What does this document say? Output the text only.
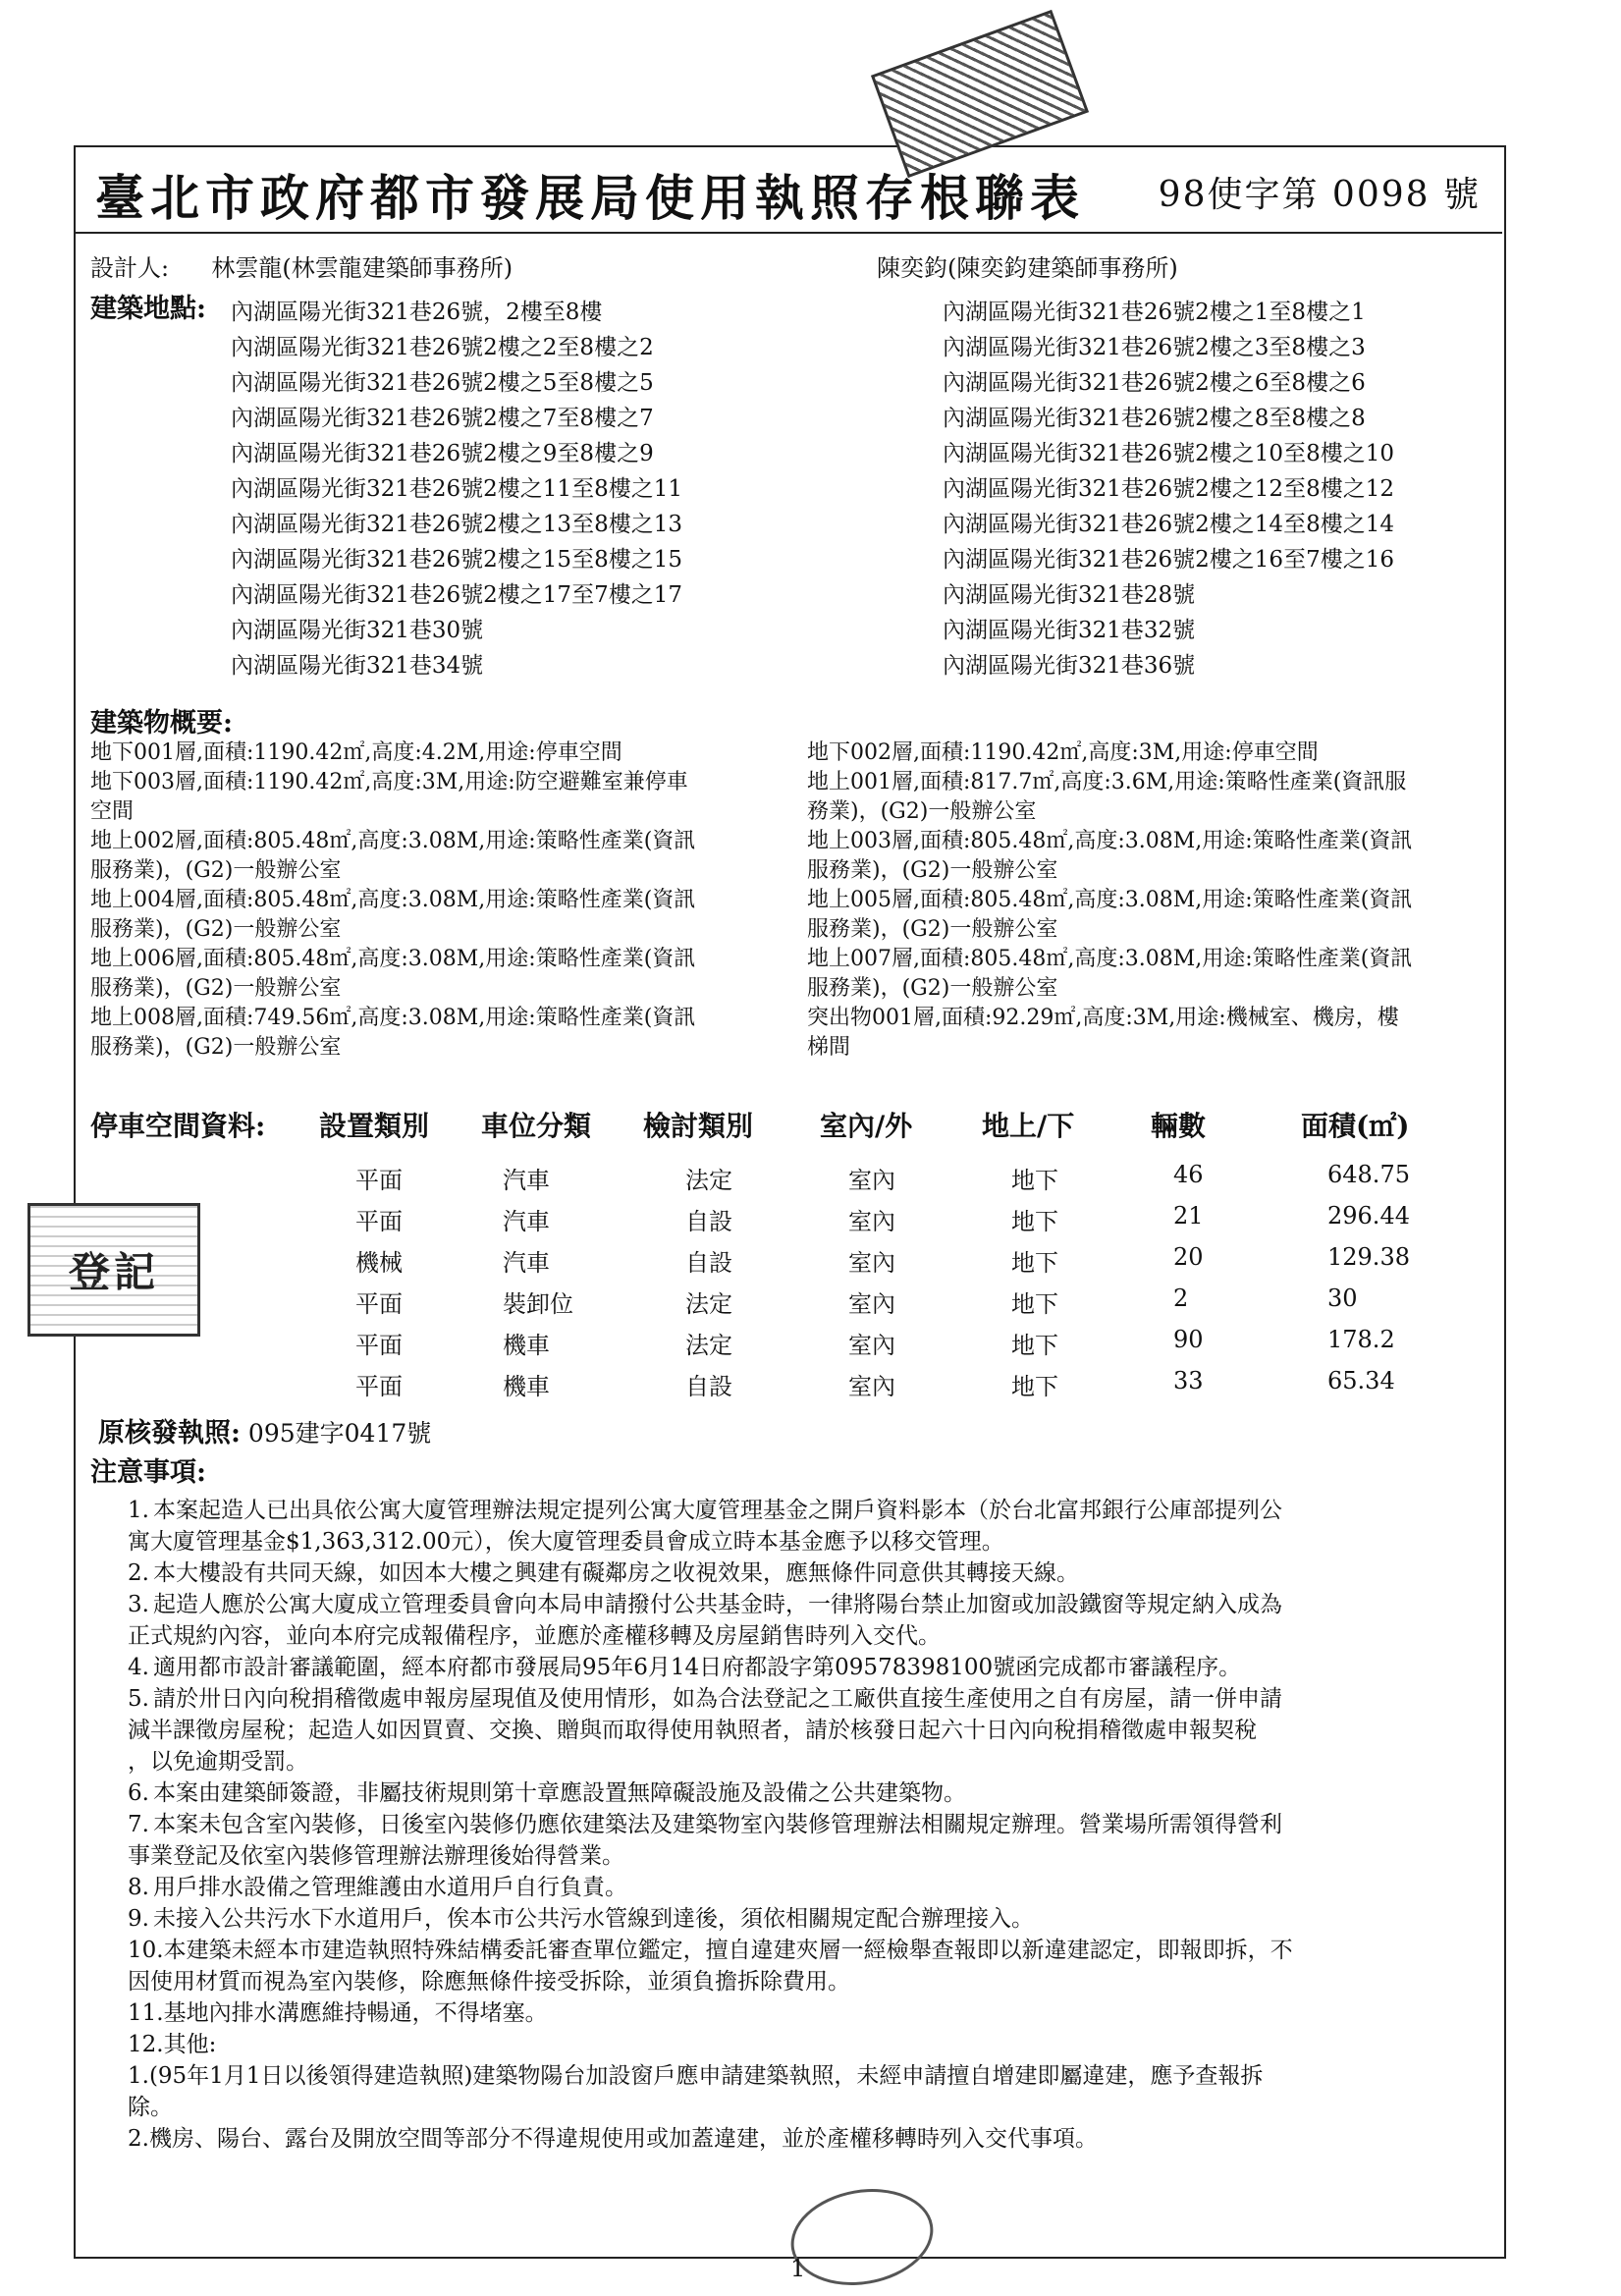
臺北市政府都市發展局使用執照存根聯表 98使字第 0098 號
設計人: 林雲龍(林雲龍建築師事務所)	陳奕鈞(陳奕鈞建築師事務所)
建築地點: 內湖區陽光街321巷26號，2樓至8樓
內湖區陽光街321巷26號2樓之2至8樓之2
內湖區陽光街321巷26號2樓之5至8樓之5
內湖區陽光街321巷26號2樓之7至8樓之7
內湖區陽光街321巷26號2樓之9至8樓之9
內湖區陽光街321巷26號2樓之11至8樓之11
內湖區陽光街321巷26號2樓之13至8樓之13
內湖區陽光街321巷26號2樓之15至8樓之15
內湖區陽光街321巷26號2樓之17至7樓之17
內湖區陽光街321巷30號
內湖區陽光街321巷34號
內湖區陽光街321巷26號2樓之1至8樓之1
內湖區陽光街321巷26號2樓之3至8樓之3
內湖區陽光街321巷26號2樓之6至8樓之6
內湖區陽光街321巷26號2樓之8至8樓之8
內湖區陽光街321巷26號2樓之10至8樓之10
內湖區陽光街321巷26號2樓之12至8樓之12
內湖區陽光街321巷26號2樓之14至8樓之14
內湖區陽光街321巷26號2樓之16至7樓之16
內湖區陽光街321巷28號
內湖區陽光街321巷32號
內湖區陽光街321巷36號
建築物概要:
地下001層,面積:1190.42㎡,高度:4.2M,用途:停車空間
地下003層,面積:1190.42㎡,高度:3M,用途:防空避難室兼停車
空間
地上002層,面積:805.48㎡,高度:3.08M,用途:策略性產業(資訊
服務業)，(G2)一般辦公室
地上004層,面積:805.48㎡,高度:3.08M,用途:策略性產業(資訊
服務業)，(G2)一般辦公室
地上006層,面積:805.48㎡,高度:3.08M,用途:策略性產業(資訊
服務業)，(G2)一般辦公室
地上008層,面積:749.56㎡,高度:3.08M,用途:策略性產業(資訊
服務業)，(G2)一般辦公室
地下002層,面積:1190.42㎡,高度:3M,用途:停車空間
地上001層,面積:817.7㎡,高度:3.6M,用途:策略性產業(資訊服
務業)，(G2)一般辦公室
地上003層,面積:805.48㎡,高度:3.08M,用途:策略性產業(資訊
服務業)，(G2)一般辦公室
地上005層,面積:805.48㎡,高度:3.08M,用途:策略性產業(資訊
服務業)，(G2)一般辦公室
地上007層,面積:805.48㎡,高度:3.08M,用途:策略性產業(資訊
服務業)，(G2)一般辦公室
突出物001層,面積:92.29㎡,高度:3M,用途:機械室、機房，樓
梯間
停車空間資料: 設置類別 車位分類 檢討類別 室內/外	地上/下	輛數	面積(㎡)
平面	汽車	法定	室內	地下	46	648.75
平面	汽車	自設	室內	地下	21	296.44
機械	汽車	自設	室內	地下	20	129.38
平面	裝卸位	法定	室內	地下	2	30
平面	機車	法定	室內	地下	90	178.2
平面	機車	自設	室內	地下	33	65.34
登記
原核發執照: 095建字0417號
注意事項:
1. 本案起造人已出具依公寓大廈管理辦法規定提列公寓大廈管理基金之開戶資料影本（於台北富邦銀行公庫部提列公
寓大廈管理基金$1,363,312.00元），俟大廈管理委員會成立時本基金應予以移交管理。
2. 本大樓設有共同天線，如因本大樓之興建有礙鄰房之收視效果，應無條件同意供其轉接天線。
3. 起造人應於公寓大廈成立管理委員會向本局申請撥付公共基金時，一律將陽台禁止加窗或加設鐵窗等規定納入成為
正式規約內容，並向本府完成報備程序，並應於產權移轉及房屋銷售時列入交代。
4. 適用都市設計審議範圍，經本府都市發展局95年6月14日府都設字第09578398100號函完成都市審議程序。
5. 請於卅日內向稅捐稽徵處申報房屋現值及使用情形，如為合法登記之工廠供直接生產使用之自有房屋，請一併申請
減半課徵房屋稅；起造人如因買賣、交換、贈與而取得使用執照者，請於核發日起六十日內向稅捐稽徵處申報契稅
，以免逾期受罰。
6. 本案由建築師簽證，非屬技術規則第十章應設置無障礙設施及設備之公共建築物。
7. 本案未包含室內裝修，日後室內裝修仍應依建築法及建築物室內裝修管理辦法相關規定辦理。營業場所需領得營利
事業登記及依室內裝修管理辦法辦理後始得營業。
8. 用戶排水設備之管理維護由水道用戶自行負責。
9. 未接入公共污水下水道用戶，俟本市公共污水管線到達後，須依相關規定配合辦理接入。
10.本建築未經本市建造執照特殊結構委託審查單位鑑定，擅自違建夾層一經檢舉查報即以新違建認定，即報即拆，不
因使用材質而視為室內裝修，除應無條件接受拆除，並須負擔拆除費用。
11.基地內排水溝應維持暢通，不得堵塞。
12.其他:
1.(95年1月1日以後領得建造執照)建築物陽台加設窗戶應申請建築執照，未經申請擅自增建即屬違建，應予查報拆
除。
2.機房、陽台、露台及開放空間等部分不得違規使用或加蓋違建，並於產權移轉時列入交代事項。
1
